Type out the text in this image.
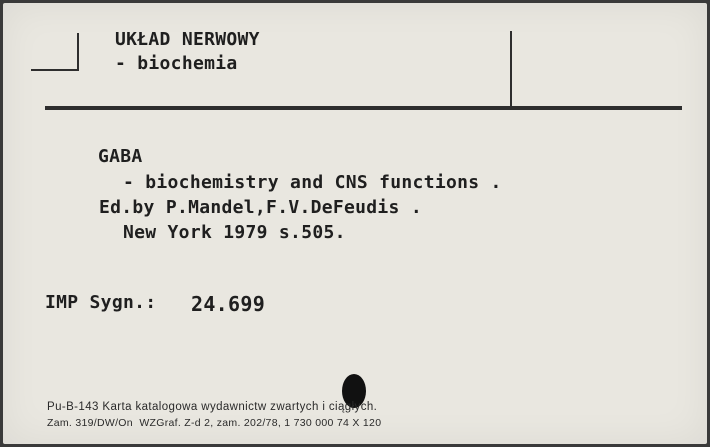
UKŁAD NERWOWY
- biochemia
GABA
- biochemistry and CNS functions .
Ed.by P.Mandel,F.V.DeFeudis .
New York 1979 s.505.
IMP Sygn.: 24.699
Pu-B-143 Karta katalogowa wydawnictw zwartych i ciągłych.
Zam. 319/DW/On  WZGraf. Z-d 2, zam. 202/78, 1 730 000 74 X 120
